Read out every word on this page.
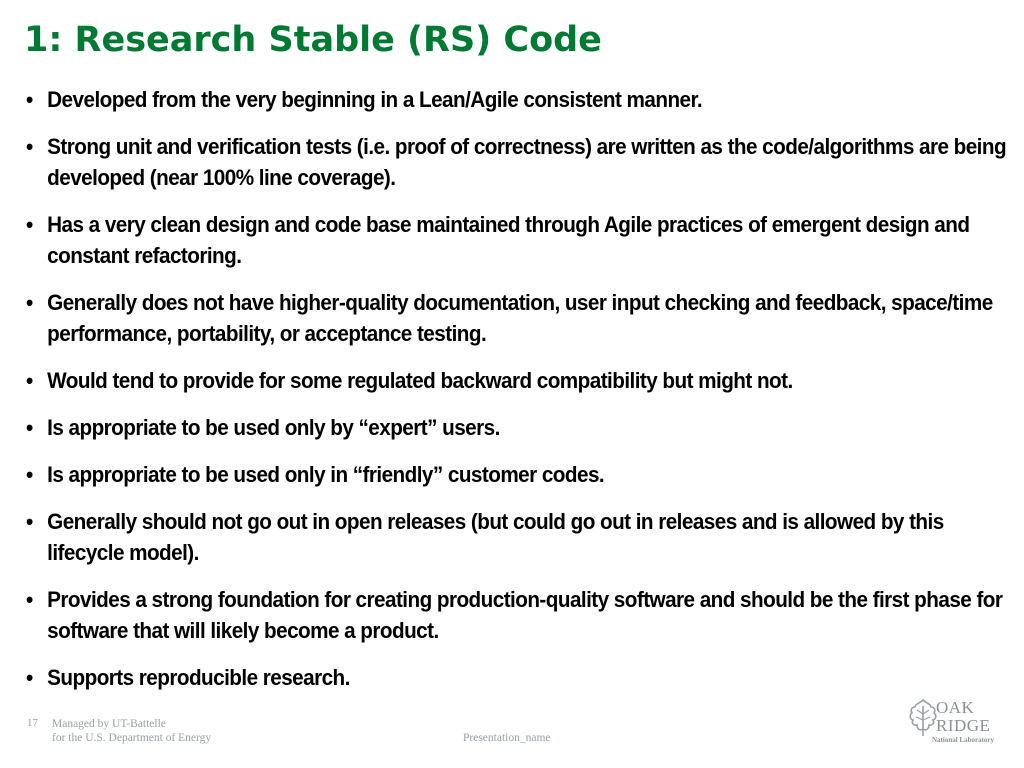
1: Research Stable (RS) Code
• Developed from the very beginning in a Lean/Agile consistent manner.
• Strong unit and verification tests (i.e. proof of correctness) are written as the code/algorithms are being developed (near 100% line coverage).
• Has a very clean design and code base maintained through Agile practices of emergent design and constant refactoring.
• Generally does not have higher-quality documentation, user input checking and feedback, space/time performance, portability, or acceptance testing.
• Would tend to provide for some regulated backward compatibility but might not.
• Is appropriate to be used only by “expert” users.
• Is appropriate to be used only in “friendly” customer codes.
• Generally should not go out in open releases (but could go out in releases and is allowed by this lifecycle model).
• Provides a strong foundation for creating production-quality software and should be the first phase for software that will likely become a product.
• Supports reproducible research.
17 Managed by UT-Battelle
for the U.S. Department of Energy	Presentation_name
OAK
RIDGE
National Laboratory
